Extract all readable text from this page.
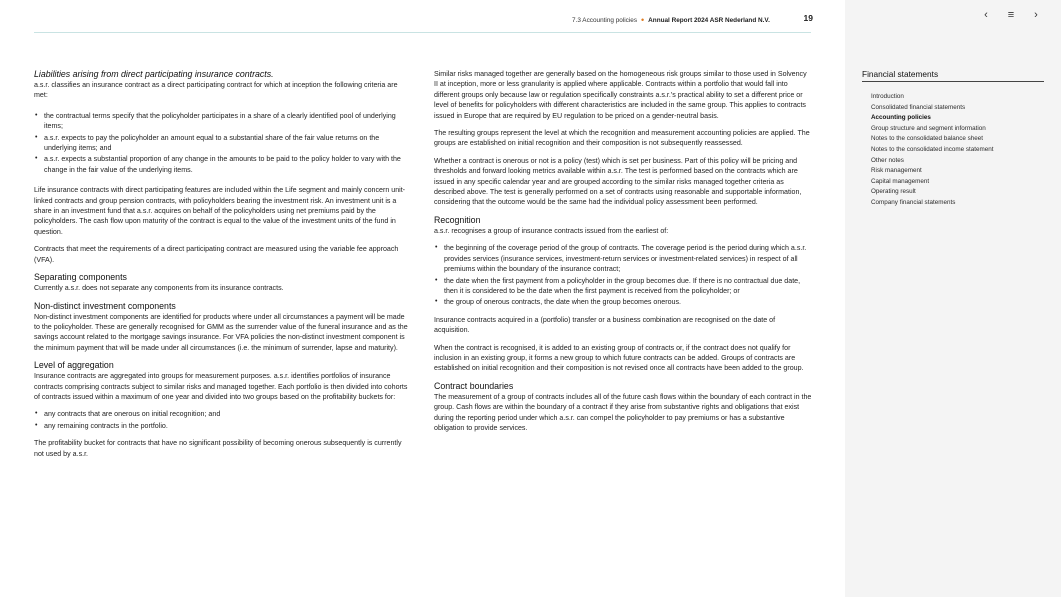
7.3 Accounting policies • Annual Report 2024 ASR Nederland N.V.	19
Liabilities arising from direct participating insurance contracts.

a.s.r. classifies an insurance contract as a direct participating contract for which at inception the following criteria are met:

• the contractual terms specify that the policyholder participates in a share of a clearly identified pool of underlying items;
• a.s.r. expects to pay the policyholder an amount equal to a substantial share of the fair value returns on the underlying items; and
• a.s.r. expects a substantial proportion of any change in the amounts to be paid to the policy holder to vary with the change in the fair value of the underlying items.

Life insurance contracts with direct participating features are included within the Life segment and mainly concern unit-linked contracts and group pension contracts, with policyholders bearing the investment risk. An investment unit is a share in an investment fund that a.s.r. acquires on behalf of the policyholders using net premiums paid by the policyholders. The cash flow upon maturity of the contract is equal to the value of the investment units of the fund in question.

Contracts that meet the requirements of a direct participating contract are measured using the variable fee approach (VFA).

Separating components

Currently a.s.r. does not separate any components from its insurance contracts.

Non-distinct investment components

Non-distinct investment components are identified for products where under all circumstances a payment will be made to the policyholder. These are generally recognised for GMM as the surrender value of the funeral insurance and as the savings account related to the mortgage savings insurance. For VFA policies the non-distinct investment component is the minimum payment that will be made under all circumstances (i.e. the minimum of surrender, lapse and maturity).

Level of aggregation

Insurance contracts are aggregated into groups for measurement purposes. a.s.r. identifies portfolios of insurance contracts comprising contracts subject to similar risks and managed together. Each portfolio is then divided into cohorts of contracts issued within a maximum of one year and divided into two groups based on the profitability buckets for:

• any contracts that are onerous on initial recognition; and
• any remaining contracts in the portfolio.

The profitability bucket for contracts that have no significant possibility of becoming onerous subsequently is currently not used by a.s.r.

Similar risks managed together are generally based on the homogeneous risk groups similar to those used in Solvency II at inception, more or less granularity is applied where applicable. Contracts within a portfolio that would fall into different groups only because law or regulation specifically constraints a.s.r.'s practical ability to set a different price or level of benefits for policyholders with different characteristics are included in the same group. This applies to contracts issued in Europe that are required by EU regulation to be priced on a gender-neutral basis.

The resulting groups represent the level at which the recognition and measurement accounting policies are applied. The groups are established on initial recognition and their composition is not subsequently reassessed.

Whether a contract is onerous or not is a policy (test) which is set per business. Part of this policy will be pricing and thresholds and forward looking metrics available within a.s.r. The test is performed based on the contracts which are issued in any specific calendar year and are grouped according to the similar risks managed together criteria as described above. The test is generally performed on a set of contracts using reasonable and supportable information, considering that the outcome would be the same had the individual policy assessment been performed.

Recognition

a.s.r. recognises a group of insurance contracts issued from the earliest of:

• the beginning of the coverage period of the group of contracts. The coverage period is the period during which a.s.r. provides services (insurance services, investment-return services or investment-related services) in respect of all premiums within the boundary of the insurance contract;
• the date when the first payment from a policyholder in the group becomes due. If there is no contractual due date, then it is considered to be the date when the first payment is received from the policyholder; or
• the group of onerous contracts, the date when the group becomes onerous.

Insurance contracts acquired in a (portfolio) transfer or a business combination are recognised on the date of acquisition.

When the contract is recognised, it is added to an existing group of contracts or, if the contract does not qualify for inclusion in an existing group, it forms a new group to which future contracts can be added. Groups of contracts are established on initial recognition and their composition is not revised once all contracts have been added to the group.

Contract boundaries

The measurement of a group of contracts includes all of the future cash flows within the boundary of each contract in the group. Cash flows are within the boundary of a contract if they arise from substantive rights and obligations that exist during the reporting period under which a.s.r. can compel the policyholder to pay premiums or has a substantive obligation to provide services.

‹	≡	›
Financial statements
Introduction
Consolidated financial statements
Accounting policies
Group structure and segment information
Notes to the consolidated balance sheet
Notes to the consolidated income statement
Other notes
Risk management
Capital management
Operating result
Company financial statements
